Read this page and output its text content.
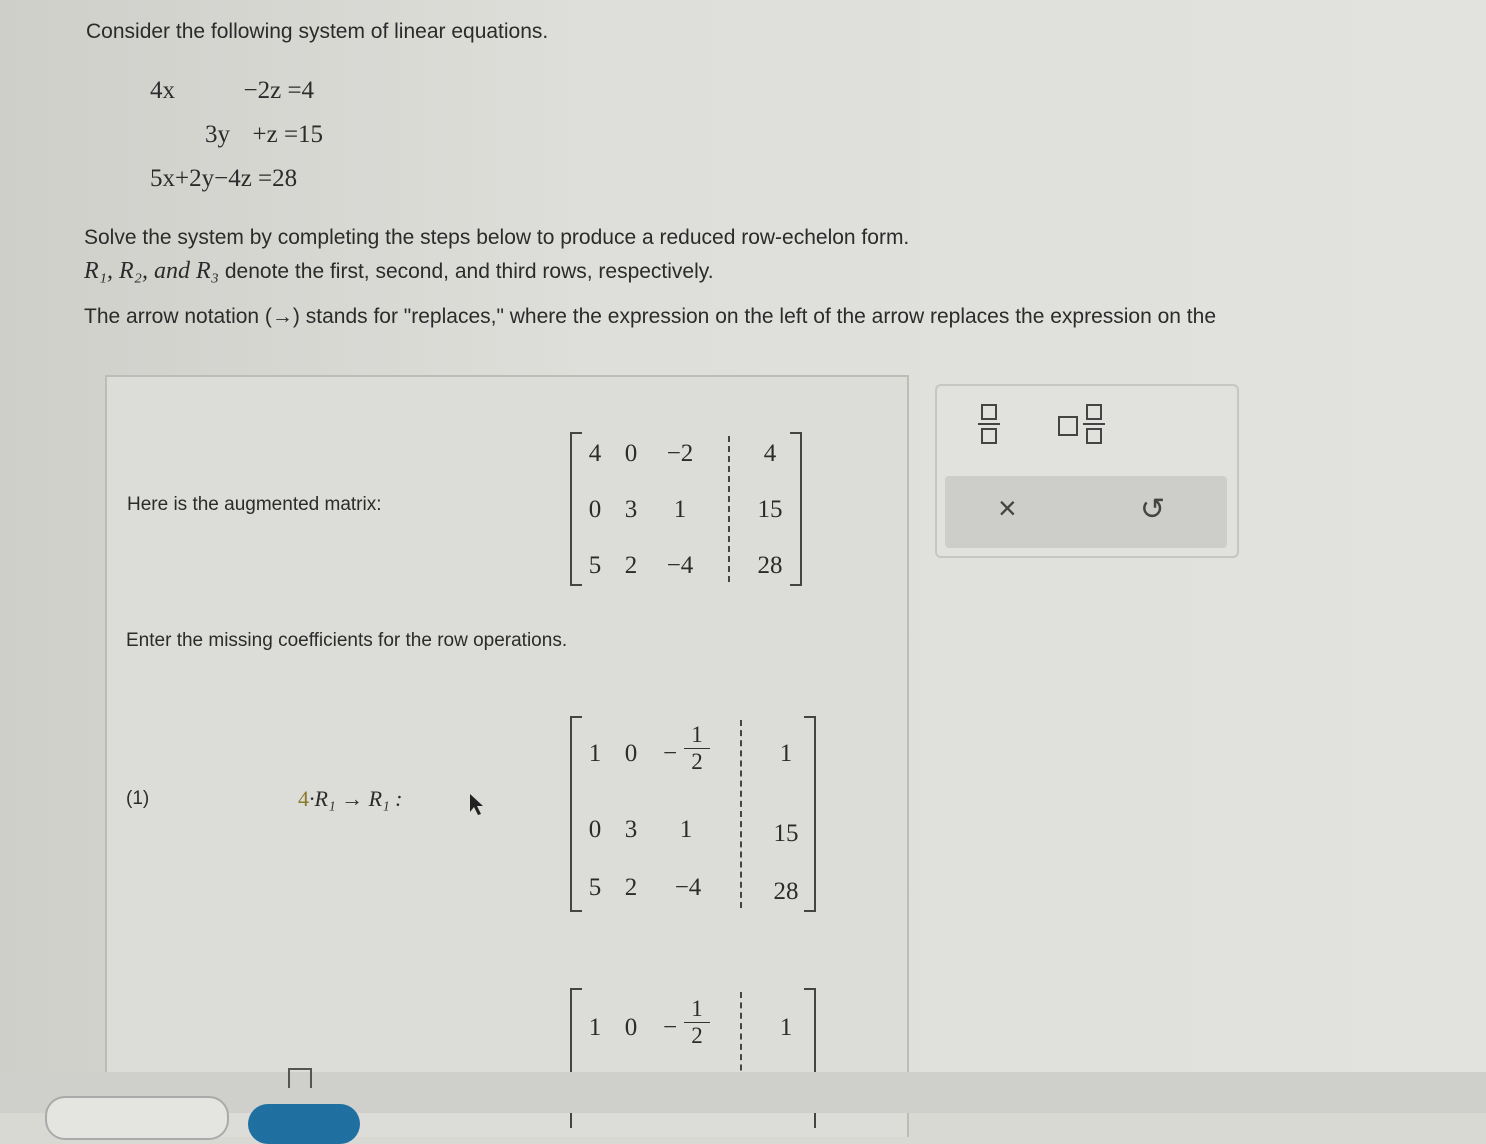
Consider the following system of linear equations.
4x	−2z =4
3y +z =15
5x+2y−4z =28
Solve the system by completing the steps below to produce a reduced row-echelon form.
R₁, R₂, and R₃ denote the first, second, and third rows, respectively.
The arrow notation (→) stands for "replaces," where the expression on the left of the arrow replaces the expression on the
Here is the augmented matrix:
4 0	−2	4
0 3	1	15
5 2	−4	28
Enter the missing coefficients for the row operations.
(1)	4·R₁ → R₁ :
1 $0 - \frac{1}{2}$	1
0 3 1	15
5 2	−4	28
1 $0 - \frac{1}{2}$	1
×	↺
